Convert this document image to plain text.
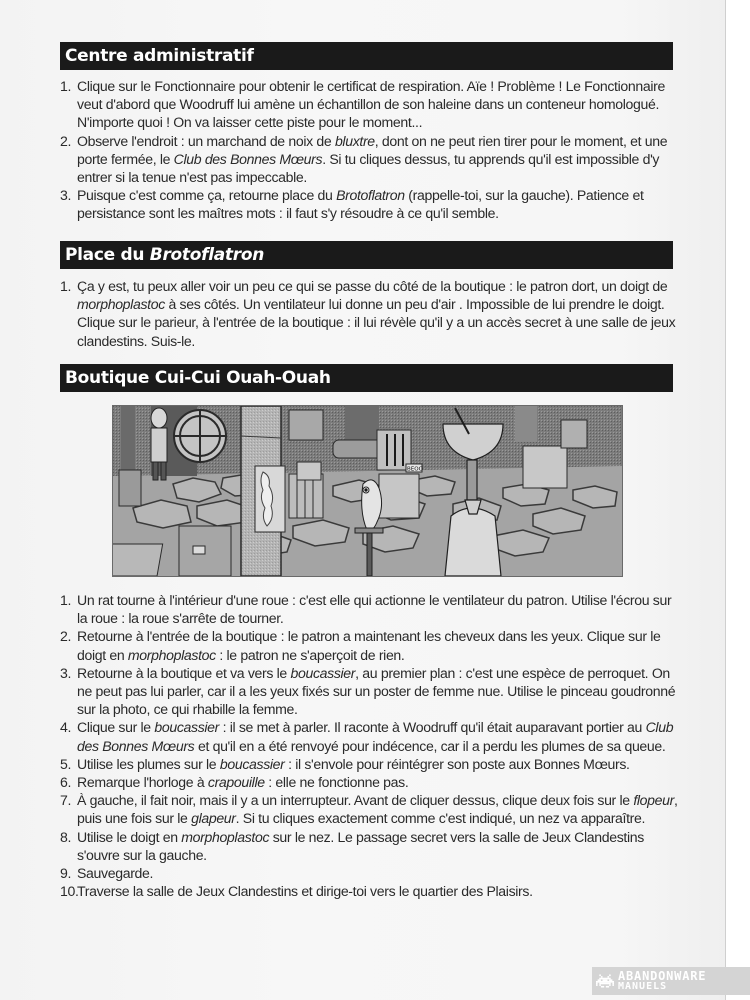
Centre administratif
1. Clique sur le Fonctionnaire pour obtenir le certificat de respiration. Aïe ! Problème ! Le Fonctionnaire veut d'abord que Woodruff lui amène un échantillon de son haleine dans un conteneur homologué. N'importe quoi ! On va laisser cette piste pour le moment...
2. Observe l'endroit : un marchand de noix de bluxtre, dont on ne peut rien tirer pour le moment, et une porte fermée, le Club des Bonnes Mœurs. Si tu cliques dessus, tu apprends qu'il est impossible d'y entrer si la tenue n'est pas impeccable.
3. Puisque c'est comme ça, retourne place du Brotoflatron (rappelle-toi, sur la gauche). Patience et persistance sont les maîtres mots : il faut s'y résoudre à ce qu'il semble.
Place du Brotoflatron
1. Ça y est, tu peux aller voir un peu ce qui se passe du côté de la boutique : le patron dort, un doigt de morphoplastoc à ses côtés. Un ventilateur lui donne un peu d'air . Impossible de lui prendre le doigt. Clique sur le parieur, à l'entrée de la boutique : il lui révèle qu'il y a un accès secret à une salle de jeux clandestins. Suis-le.
Boutique Cui-Cui Ouah-Ouah
BEOO
1. Un rat tourne à l'intérieur d'une roue : c'est elle qui actionne le ventilateur du patron. Utilise l'écrou sur la roue : la roue s'arrête de tourner.
2. Retourne à l'entrée de la boutique : le patron a maintenant les cheveux dans les yeux. Clique sur le doigt en morphoplastoc : le patron ne s'aperçoit de rien.
3. Retourne à la boutique et va vers le boucassier, au premier plan : c'est une espèce de perroquet. On ne peut pas lui parler, car il a les yeux fixés sur un poster de femme nue. Utilise le pinceau goudronné sur la photo, ce qui rhabille la femme.
4. Clique sur le boucassier : il se met à parler. Il raconte à Woodruff qu'il était auparavant portier au Club des Bonnes Mœurs et qu'il en a été renvoyé pour indécence, car il a perdu les plumes de sa queue.
5. Utilise les plumes sur le boucassier : il s'envole pour réintégrer son poste aux Bonnes Mœurs.
6. Remarque l'horloge à crapouille : elle ne fonctionne pas.
7. À gauche, il fait noir, mais il y a un interrupteur. Avant de cliquer dessus, clique deux fois sur le flopeur, puis une fois sur le glapeur. Si tu cliques exactement comme c'est indiqué, un nez va apparaître.
8. Utilise le doigt en morphoplastoc sur le nez. Le passage secret vers la salle de Jeux Clandestins s'ouvre sur la gauche.
9. Sauvegarde.
10.
Traverse la salle de Jeux Clandestins et dirige-toi vers le quartier des Plaisirs.
ABANDONWARE
MANUELS
